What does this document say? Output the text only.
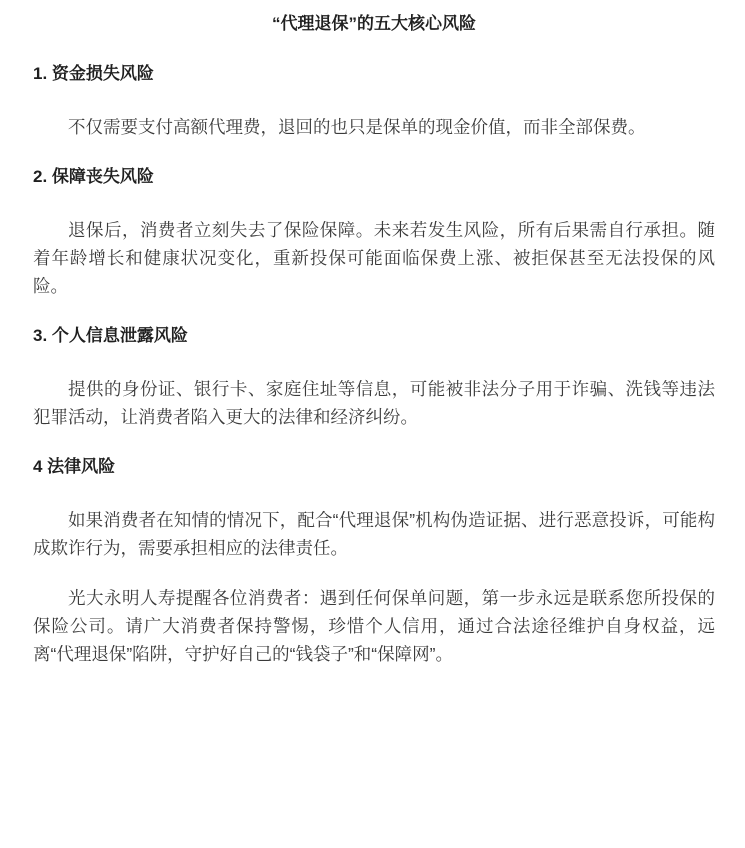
“代理退保”的五大核心风险
1. 资金损失风险

不仅需要支付高额代理费，退回的也只是保单的现金价值，而非全部保费。

2. 保障丧失风险

退保后，消费者立刻失去了保险保障。未来若发生风险，所有后果需自行承担。随着年龄增长和健康状况变化，重新投保可能面临保费上涨、被拒保甚至无法投保的风险。

3. 个人信息泄露风险

提供的身份证、银行卡、家庭住址等信息，可能被非法分子用于诈骗、洗钱等违法犯罪活动，让消费者陷入更大的法律和经济纠纷。

4 法律风险

如果消费者在知情的情况下，配合“代理退保”机构伪造证据、进行恶意投诉，可能构成欺诈行为，需要承担相应的法律责任。

光大永明人寿提醒各位消费者：遇到任何保单问题，第一步永远是联系您所投保的保险公司。请广大消费者保持警惕，珍惜个人信用，通过合法途径维护自身权益，远离“代理退保”陷阱，守护好自己的“钱袋子”和“保障网”。
